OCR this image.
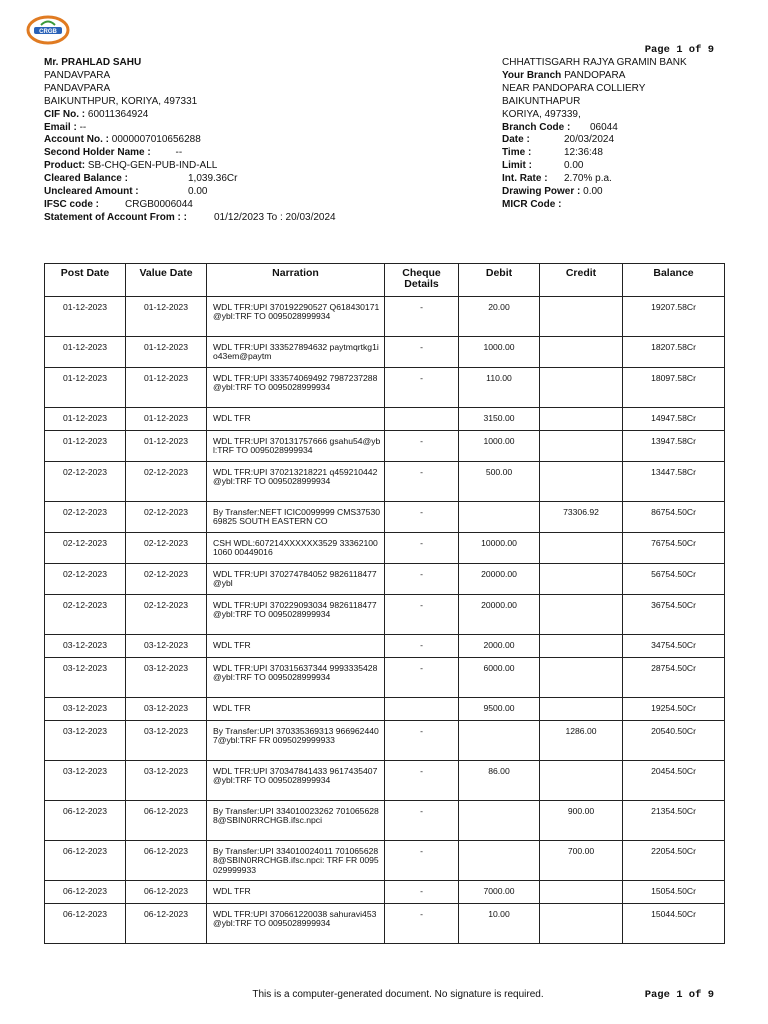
CRGB
Page 1 of 9
Mr. PRAHLAD SAHU
PANDAVPARA
PANDAVPARA
BAIKUNTHPUR, KORIYA, 497331
CIF No. : 60011364924
Email : --
Account No. : 0000007010656288
Second Holder Name : --
Product: SB-CHQ-GEN-PUB-IND-ALL
Cleared Balance :	1,039.36Cr
Uncleared Amount :	0.00
IFSC code :	CRGB0006044
Statement of Account From : :	01/12/2023 To : 20/03/2024
CHHATTISGARH RAJYA GRAMIN BANK
Your Branch PANDOPARA
NEAR PANDOPARA COLLIERY
BAIKUNTHAPUR
KORIYA, 497339,
Branch Code : 06044
Date :	20/03/2024
Time :	12:36:48
Limit :	0.00
Int. Rate : 2.70% p.a.
Drawing Power : 0.00
MICR Code :
Post Date	Value Date	Narration	Cheque Details	Debit	Credit	Balance
01-12-2023	01-12-2023	WDL TFR:UPI 370192290527 Q618430171@ybl:TRF TO 0095028999934	-	20.00		19207.58Cr
01-12-2023	01-12-2023	WDL TFR:UPI 333527894632 paytmqrtkg1io43em@paytm	-	1000.00		18207.58Cr
01-12-2023	01-12-2023	WDL TFR:UPI 333574069492 7987237288@ybl:TRF TO 0095028999934	-	110.00		18097.58Cr
01-12-2023	01-12-2023	WDL TFR		3150.00		14947.58Cr
01-12-2023	01-12-2023	WDL TFR:UPI 370131757666 gsahu54@ybl:TRF TO 0095028999934	-	1000.00		13947.58Cr
02-12-2023	02-12-2023	WDL TFR:UPI 370213218221 q459210442@ybl:TRF TO 0095028999934	-	500.00		13447.58Cr
02-12-2023	02-12-2023	By Transfer:NEFT ICIC0099999 CMS3753069825 SOUTH EASTERN CO	-		73306.92	86754.50Cr
02-12-2023	02-12-2023	CSH WDL:607214XXXXXX3529 333621001060 00449016	-	10000.00		76754.50Cr
02-12-2023	02-12-2023	WDL TFR:UPI 370274784052 9826118477@ybl	-	20000.00		56754.50Cr
02-12-2023	02-12-2023	WDL TFR:UPI 370229093034 9826118477@ybl:TRF TO 0095028999934	-	20000.00		36754.50Cr
03-12-2023	03-12-2023	WDL TFR	-	2000.00		34754.50Cr
03-12-2023	03-12-2023	WDL TFR:UPI 370315637344 9993335428@ybl:TRF TO 0095028999934	-	6000.00		28754.50Cr
03-12-2023	03-12-2023	WDL TFR		9500.00		19254.50Cr
03-12-2023	03-12-2023	By Transfer:UPI 370335369313 9669624407@ybl:TRF FR 0095029999933	-		1286.00	20540.50Cr
03-12-2023	03-12-2023	WDL TFR:UPI 370347841433 9617435407@ybl:TRF TO 0095028999934	-	86.00		20454.50Cr
06-12-2023	06-12-2023	By Transfer:UPI 334010023262 7010656288@SBIN0RRCHGB.ifsc.npci	-		900.00	21354.50Cr
06-12-2023	06-12-2023	By Transfer:UPI 334010024011 7010656288@SBIN0RRCHGB.ifsc.npci: TRF FR 0095029999933	-		700.00	22054.50Cr
06-12-2023	06-12-2023	WDL TFR	-	7000.00		15054.50Cr
06-12-2023	06-12-2023	WDL TFR:UPI 370661220038 sahuravi453@ybl:TRF TO 0095028999934	-	10.00		15044.50Cr
This is a computer-generated document. No signature is required.	Page 1 of 9
